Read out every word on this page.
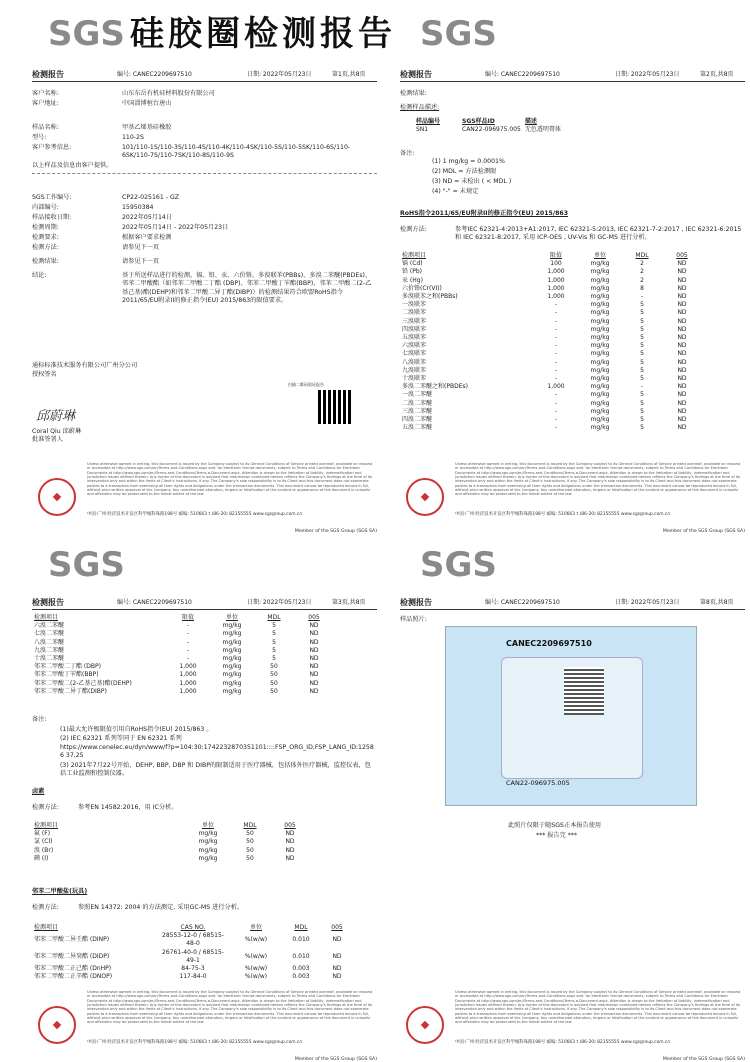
SGS 硅胶圈检测报告 SGS
检测报告	编号: CANEC2209697510	日期: 2022年05月23日	第1页,共8页
客户名称:	山东东岳有机硅材料股份有限公司
客户地址:	中国淄博桓台唐山
样品名称:	甲基乙烯基硅橡胶
型号:	110-2S
客户参考信息:	101/110-1S/110-3S/110-4S/110-4K/110-4SK/110-5S/110-5SK/110-6S/110-6SK/110-7S/110-7SK/110-8S/110-9S
以上样品及信息由客户提供。
SGS工作编号:	CP22-025161 - GZ
内部编号:	15950384
样品接收日期:	2022年05月14日
检测周期:	2022年05月14日 - 2022年05月23日
检测要求:	根据客户要求检测
检测方法:	请参见下一页
检测结果:	请参见下一页
结论:	基于所送样品进行的检测，镉、铅、汞、六价铬、多溴联苯(PBBs)、多溴二苯醚(PBDEs)、邻苯二甲酸酯（如邻苯二甲酸二丁酯 (DBP)、邻苯二甲酸丁苄酯(BBP)、邻苯二甲酸二(2-乙基己基)酯(DEHP)和邻苯二甲酸二异丁酯(DIBP)）的检测结果符合欧盟RoHS指令2011/65/EU附录II的修正指令(EU) 2015/863的限值要求。
通标标准技术服务有限公司广州分公司
授权签名
扫描二维码验证报告
邱蔚琳
Coral Qiu 邱蔚琳
批准签署人
Unless otherwise agreed in writing, this document is issued by the Company subject to its General Conditions of Service printed overleaf, available on request or accessible at http://www.sgs.com/en/Terms-and-Conditions.aspx and, for electronic format documents, subject to Terms and Conditions for Electronic Documents at http://www.sgs.com/en/Terms-and-Conditions/Terms-e-Document.aspx. Attention is drawn to the limitation of liability, indemnification and jurisdiction issues defined therein. Any holder of this document is advised that information contained hereon reflects the Company's findings at the time of its intervention only and within the limits of Client's instructions, if any. The Company's sole responsibility is to its Client and this document does not exonerate parties to a transaction from exercising all their rights and obligations under the transaction documents. This document cannot be reproduced except in full, without prior written approval of the Company. Any unauthorized alteration, forgery or falsification of the content or appearance of this document is unlawful and offenders may be prosecuted to the fullest extent of the law.
中国·广州·经济技术开发区科学城科珠路198号 邮编: 510663 t (86-20) 82155555 www.sgsgroup.com.cn
Member of the SGS Group (SGS SA)
检测报告	编号: CANEC2209697510	日期: 2022年05月23日	第2页,共8页
检测结果:
检测样品描述:
样品编号	SGS样品ID	描述
SN1	CAN22-096975.005	无色透明膏体
备注:
(1) 1 mg/kg = 0.0001%
(2) MDL = 方法检测限
(3) ND = 未检出 ( < MDL )
(4) "-" = 未规定
RoHS指令2011/65/EU附录II的修正指令(EU) 2015/863
检测方法:	参考IEC 62321-4:2013+A1:2017, IEC 62321-5:2013, IEC 62321-7-2:2017 , IEC 62321-6:2015 和 IEC 62321-8:2017, 采用 ICP-OES , UV-Vis 和 GC-MS 进行分析。
检测项目	限值	单位	MDL	005
镉 (Cd)	100	mg/kg	2	ND
铅 (Pb)	1,000	mg/kg	2	ND
汞 (Hg)	1,000	mg/kg	2	ND
六价铬(Cr(VI))	1,000	mg/kg	8	ND
多溴联苯之和(PBBs)	1,000	mg/kg	-	ND
一溴联苯	-	mg/kg	5	ND
二溴联苯	-	mg/kg	5	ND
三溴联苯	-	mg/kg	5	ND
四溴联苯	-	mg/kg	5	ND
五溴联苯	-	mg/kg	5	ND
六溴联苯	-	mg/kg	5	ND
七溴联苯	-	mg/kg	5	ND
八溴联苯	-	mg/kg	5	ND
九溴联苯	-	mg/kg	5	ND
十溴联苯	-	mg/kg	5	ND
多溴二苯醚之和(PBDEs)	1,000	mg/kg	-	ND
一溴二苯醚	-	mg/kg	5	ND
二溴二苯醚	-	mg/kg	5	ND
三溴二苯醚	-	mg/kg	5	ND
四溴二苯醚	-	mg/kg	5	ND
五溴二苯醚	-	mg/kg	5	ND
Unless otherwise agreed in writing, this document is issued by the Company subject to its General Conditions of Service printed overleaf, available on request or accessible at http://www.sgs.com/en/Terms-and-Conditions.aspx and, for electronic format documents, subject to Terms and Conditions for Electronic Documents at http://www.sgs.com/en/Terms-and-Conditions/Terms-e-Document.aspx. Attention is drawn to the limitation of liability, indemnification and jurisdiction issues defined therein. Any holder of this document is advised that information contained hereon reflects the Company's findings at the time of its intervention only and within the limits of Client's instructions, if any. The Company's sole responsibility is to its Client and this document does not exonerate parties to a transaction from exercising all their rights and obligations under the transaction documents. This document cannot be reproduced except in full, without prior written approval of the Company. Any unauthorized alteration, forgery or falsification of the content or appearance of this document is unlawful and offenders may be prosecuted to the fullest extent of the law.
中国·广州·经济技术开发区科学城科珠路198号 邮编: 510663 t (86-20) 82155555 www.sgsgroup.com.cn
Member of the SGS Group (SGS SA)
SGS	SGS
检测报告	编号: CANEC2209697510	日期: 2022年05月23日	第3页,共8页
检测项目	限值	单位	MDL	005
六溴二苯醚	-	mg/kg	5	ND
七溴二苯醚	-	mg/kg	5	ND
八溴二苯醚	-	mg/kg	5	ND
九溴二苯醚	-	mg/kg	5	ND
十溴二苯醚	-	mg/kg	5	ND
邻苯二甲酸二丁酯 (DBP)	1,000	mg/kg	50	ND
邻苯二甲酸丁苄酯(BBP)	1,000	mg/kg	50	ND
邻苯二甲酸二(2-乙基己基)酯(DEHP)	1,000	mg/kg	50	ND
邻苯二甲酸二异丁酯(DIBP)	1,000	mg/kg	50	ND
备注:
(1)最大允许极限值引用自RoHS指令(EU) 2015/863 。
(2) IEC 62321 系列等同于 EN 62321 系列
https://www.cenelec.eu/dyn/www/f?p=104:30:1742232870351101::::FSP_ORG_ID,FSP_LANG_ID:12586 37,25
(3) 2021年7月22号开始，DEHP, BBP, DBP 和 DIBP的限制适用于医疗器械，包括体外医疗器械，监控仪表，包括工业监测和控制仪器。
卤素
检测方法:	参考EN 14582:2016，用 IC分析。
检测项目	单位	MDL	005
氟 (F)	mg/kg	50	ND
氯 (Cl)	mg/kg	50	ND
溴 (Br)	mg/kg	50	ND
碘 (I)	mg/kg	50	ND
邻苯二甲酸盐(玩具)
检测方法:	参照EN 14372: 2004 的方法测定, 采用GC-MS 进行分析。
检测项目	CAS NO.	单位	MDL	005
邻苯二甲酸二异壬酯 (DINP)	28553-12-0 / 68515-48-0	%(w/w)	0.010	ND
邻苯二甲酸二异癸酯 (DIDP)	26761-40-0 / 68515-49-1	%(w/w)	0.010	ND
邻苯二甲酸二正己酯 (DnHP)	84-75-3	%(w/w)	0.003	ND
邻苯二甲酸二正辛酯 (DNOP)	117-84-0	%(w/w)	0.003	ND
Unless otherwise agreed in writing, this document is issued by the Company subject to its General Conditions of Service printed overleaf, available on request or accessible at http://www.sgs.com/en/Terms-and-Conditions.aspx and, for electronic format documents, subject to Terms and Conditions for Electronic Documents at http://www.sgs.com/en/Terms-and-Conditions/Terms-e-Document.aspx. Attention is drawn to the limitation of liability, indemnification and jurisdiction issues defined therein. Any holder of this document is advised that information contained hereon reflects the Company's findings at the time of its intervention only and within the limits of Client's instructions, if any. The Company's sole responsibility is to its Client and this document does not exonerate parties to a transaction from exercising all their rights and obligations under the transaction documents. This document cannot be reproduced except in full, without prior written approval of the Company. Any unauthorized alteration, forgery or falsification of the content or appearance of this document is unlawful and offenders may be prosecuted to the fullest extent of the law.
中国·广州·经济技术开发区科学城科珠路198号 邮编: 510663 t (86-20) 82155555 www.sgsgroup.com.cn
Member of the SGS Group (SGS SA)
检测报告	编号: CANEC2209697510	日期: 2022年05月23日	第8页,共8页
样品照片:
CANEC2209697510
CAN22-096975.005
此照片仅限于随SGS正本报告使用
*** 报告完 ***
Unless otherwise agreed in writing, this document is issued by the Company subject to its General Conditions of Service printed overleaf, available on request or accessible at http://www.sgs.com/en/Terms-and-Conditions.aspx and, for electronic format documents, subject to Terms and Conditions for Electronic Documents at http://www.sgs.com/en/Terms-and-Conditions/Terms-e-Document.aspx. Attention is drawn to the limitation of liability, indemnification and jurisdiction issues defined therein. Any holder of this document is advised that information contained hereon reflects the Company's findings at the time of its intervention only and within the limits of Client's instructions, if any. The Company's sole responsibility is to its Client and this document does not exonerate parties to a transaction from exercising all their rights and obligations under the transaction documents. This document cannot be reproduced except in full, without prior written approval of the Company. Any unauthorized alteration, forgery or falsification of the content or appearance of this document is unlawful and offenders may be prosecuted to the fullest extent of the law.
中国·广州·经济技术开发区科学城科珠路198号 邮编: 510663 t (86-20) 82155555 www.sgsgroup.com.cn
Member of the SGS Group (SGS SA)
